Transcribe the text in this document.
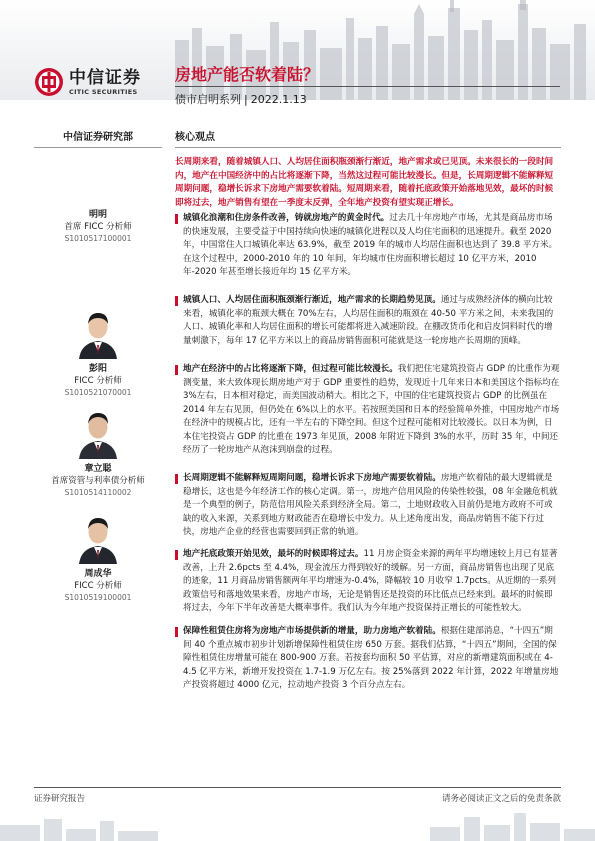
中信证券
CITIC SECURITIES
房地产能否软着陆？
债市启明系列 | 2022.1.13
中信证券研究部
明明
首席 FICC 分析师
S1010517100001
彭阳
FICC 分析师
S1010521070001
章立聪
首席资管与利率债分析师
S1010514110002
周成华
FICC 分析师
S1010519100001
核心观点
长周期来看，随着城镇人口、人均居住面积瓶颈渐行渐近，地产需求或已见顶。未来很长的一段时间内，地产在中国经济中的占比将逐渐下降，当然这过程可能比较漫长。但是，长周期逻辑不能解释短周期问题，稳增长诉求下房地产需要软着陆。短周期来看，随着托底政策开始落地见效，最坏的时候即将过去，地产销售有望在一季度末反弹，全年地产投资有望实现正增长。
城镇化浪潮和住房条件改善，铸就房地产的黄金时代。过去几十年房地产市场，尤其是商品房市场的快速发展，主要受益于中国持续向快速的城镇化进程以及人均住宅面积的迅速提升。截至 2020 年，中国常住人口城镇化率达 63.9%，截至 2019 年的城市人均居住面积也达到了 39.8 平方米。在这个过程中，2000-2010 年的 10 年间，年均城市住房面积增长超过 10 亿平方米，2010 年-2020 年甚至增长接近年均 15 亿平方米。
城镇人口、人均居住面积瓶颈渐行渐近，地产需求的长期趋势见顶。通过与成熟经济体的横向比较来看，城镇化率的瓶颈大概在 70%左右，人均居住面积的瓶颈在 40-50 平方米之间，未来我国的人口、城镇化率和人均居住面积的增长可能都将进入减速阶段。在棚改货币化和启皮饲料时代的增量刺激下，每年 17 亿平方米以上的商品房销售面积可能就是这一轮房地产长周期的顶峰。
地产在经济中的占比将逐渐下降，但过程可能比较漫长。我们把住宅建筑投资占 GDP 的比重作为观测变量，来大致体现长期房地产对于 GDP 重要性的趋势，发现近十几年来日本和美国这个指标均在 3%左右，日本相对稳定，而美国波动稍大。相比之下，中国的住宅建筑投资占 GDP 的比例虽在 2014 年左右见顶，但仍处在 6%以上的水平。若按照美国和日本的经验简单外推，中国房地产市场在经济中的规模占比，还有一半左右的下降空间。但这个过程可能相对比较漫长。以日本为例，日本住宅投资占 GDP 的比重在 1973 年见顶，2008 年附近下降到 3%的水平，历时 35 年，中间还经历了一轮房地产从泡沫到崩盘的过程。
长周期逻辑不能解释短周期问题，稳增长诉求下房地产需要软着陆。房地产软着陆的最大逻辑就是稳增长，这也是今年经济工作的核心定调。第一，房地产信用风险的传染性较强，08 年金融危机就是一个典型的例子，防范信用风险关系到经济全局。第二，土地财政收入目前仍是地方政府不可或缺的收入来源，关系到地方财政能否在稳增长中发力。从上述角度出发，商品房销售不能下行过快，房地产企业的经营也需要回到正常的轨道。
地产托底政策开始见效，最坏的时候即将过去。11 月房企资金来源的两年平均增速较上月已有显著改善，上升 2.6pcts 至 4.4%，现金流压力得到较好的缓解。另一方面，商品房销售也出现了见底的迹象，11 月商品房销售额两年平均增速为-0.4%，降幅较 10 月收窄 1.7pcts。从近期的一系列政策信号和落地效果来看，房地产市场，无论是销售还是投资的环比低点已经来到。最坏的时候即将过去，今年下半年改善是大概率事件。我们认为今年地产投资保持正增长的可能性较大。
保障性租赁住房将为房地产市场提供新的增量，助力房地产软着陆。根据住建部消息，“十四五”期间 40 个重点城市初步计划新增保障性租赁住房 650 万套。据我们估算，“十四五”期间，全国的保障性租赁住房增量可能在 800-900 万套。若按套均面积 50 平估算，对应的新增建筑面积或在 4-4.5 亿平方米，新增开发投资在 1.7-1.9 万亿左右。按 25%落到 2022 年计算，2022 年增量房地产投资将超过 4000 亿元，拉动地产投资 3 个百分点左右。
证券研究报告	请务必阅读正文之后的免责条款
